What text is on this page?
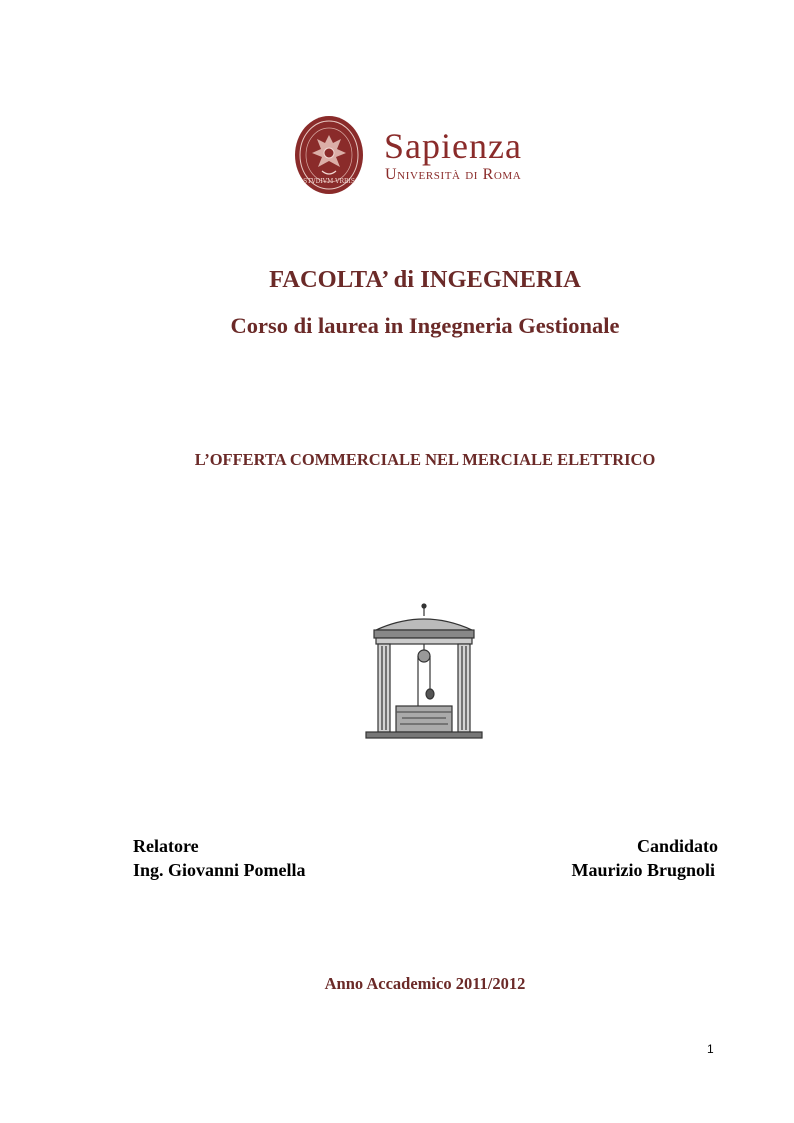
STVDIVM VRBIS
Sapienza
Università di Roma
FACOLTA’ di INGEGNERIA
Corso di laurea in Ingegneria Gestionale
L’OFFERTA COMMERCIALE NEL MERCIALE ELETTRICO
Relatore
Ing. Giovanni Pomella
Candidato
Maurizio Brugnoli
Anno Accademico 2011/2012
1
